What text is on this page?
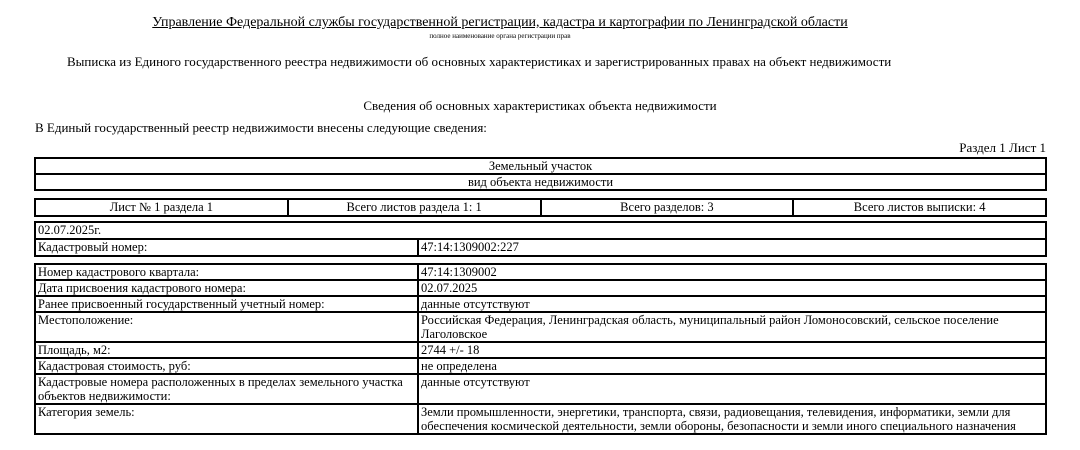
Управление Федеральной службы государственной регистрации, кадастра и картографии по Ленинградской области
полное наименование органа регистрации прав
Выписка из Единого государственного реестра недвижимости об основных характеристиках и зарегистрированных правах на объект недвижимости
Сведения об основных характеристиках объекта недвижимости
В Единый государственный реестр недвижимости внесены следующие сведения:
Раздел 1 Лист 1
Земельный участок
вид объекта недвижимости
Лист № 1 раздела 1	Всего листов раздела 1: 1	Всего разделов: 3	Всего листов выписки: 4
02.07.2025г.
Кадастровый номер:	47:14:1309002:227
Номер кадастрового квартала:	47:14:1309002
Дата присвоения кадастрового номера:	02.07.2025
Ранее присвоенный государственный учетный номер:	данные отсутствуют
Местоположение:	Российская Федерация, Ленинградская область, муниципальный район Ломоносовский, сельское поселение Лаголовское
Площадь, м2:	2744 +/- 18
Кадастровая стоимость, руб:	не определена
Кадастровые номера расположенных в пределах земельного участка объектов недвижимости:	данные отсутствуют
Категория земель:	Земли промышленности, энергетики, транспорта, связи, радиовещания, телевидения, информатики, земли для обеспечения космической деятельности, земли обороны, безопасности и земли иного специального назначения
